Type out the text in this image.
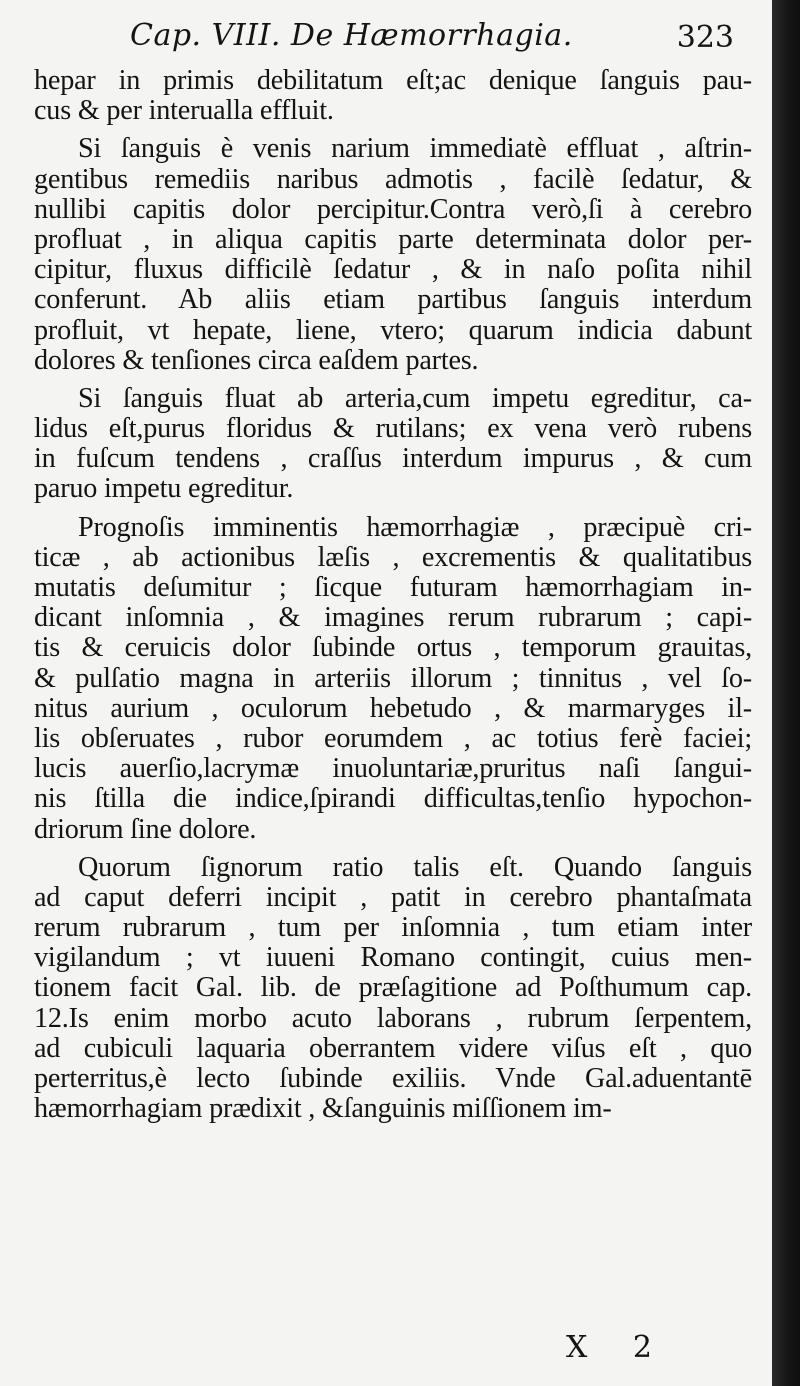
Cap. VIII. De Hæmorrhagia.	323
hepar in primis debilitatum eſt;ac denique ſanguis pau-
cus & per interualla effluit.
Si ſanguis è venis narium immediatè effluat , aſtrin-
gentibus remediis naribus admotis , facilè ſedatur, &
nullibi capitis dolor percipitur.Contra verò,ſi à cerebro
profluat , in aliqua capitis parte determinata dolor per-
cipitur, fluxus difficilè ſedatur , & in naſo poſita nihil
conferunt. Ab aliis etiam partibus ſanguis interdum
profluit, vt hepate, liene, vtero; quarum indicia dabunt
dolores & tenſiones circa eaſdem partes.
Si ſanguis fluat ab arteria,cum impetu egreditur, ca-
lidus eſt,purus floridus & rutilans; ex vena verò rubens
in fuſcum tendens , craſſus interdum impurus , & cum
paruo impetu egreditur.
Prognoſis imminentis hæmorrhagiæ , præcipuè cri-
ticæ , ab actionibus læſis , excrementis & qualitatibus
mutatis deſumitur ; ſicque futuram hæmorrhagiam in-
dicant inſomnia , & imagines rerum rubrarum ; capi-
tis & ceruicis dolor ſubinde ortus , temporum grauitas,
& pulſatio magna in arteriis illorum ; tinnitus , vel ſo-
nitus aurium , oculorum hebetudo , & marmaryges il-
lis obſeruates , rubor eorumdem , ac totius ferè faciei;
lucis auerſio,lacrymæ inuoluntariæ,pruritus naſi ſangui-
nis ſtilla die indice,ſpirandi difficultas,tenſio hypochon-
driorum ſine dolore.
Quorum ſignorum ratio talis eſt. Quando ſanguis
ad caput deferri incipit , patit in cerebro phantaſmata
rerum rubrarum , tum per inſomnia , tum etiam inter
vigilandum ; vt iuueni Romano contingit, cuius men-
tionem facit Gal. lib. de præſagitione ad Poſthumum cap.
12.Is enim morbo acuto laborans , rubrum ſerpentem,
ad cubiculi laquaria oberrantem videre viſus eſt , quo
perterritus,è lecto ſubinde exiliis. Vnde Gal.aduentantē
hæmorrhagiam prædixit , &ſanguinis miſſionem im-
X 2
